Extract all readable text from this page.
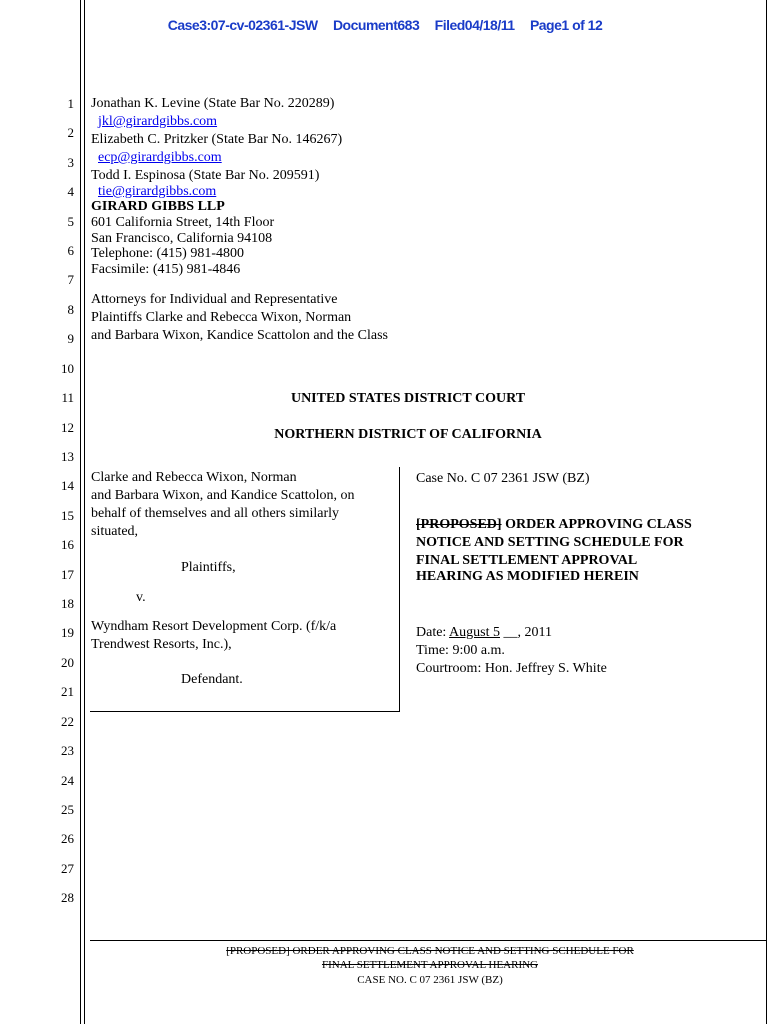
Case3:07-cv-02361-JSW Document683 Filed04/18/11 Page1 of 12
1
2
3
4
5
6
7
8
9
10
11
12
13
14
15
16
17
18
19
20
21
22
23
24
25
26
27
28
Jonathan K. Levine (State Bar No. 220289)
jkl@girardgibbs.com
Elizabeth C. Pritzker (State Bar No. 146267)
ecp@girardgibbs.com
Todd I. Espinosa (State Bar No. 209591)
tie@girardgibbs.com
GIRARD GIBBS LLP
601 California Street, 14th Floor
San Francisco, California 94108
Telephone: (415) 981-4800
Facsimile: (415) 981-4846
Attorneys for Individual and Representative
Plaintiffs Clarke and Rebecca Wixon, Norman
and Barbara Wixon, Kandice Scattolon and the Class
UNITED STATES DISTRICT COURT
NORTHERN DISTRICT OF CALIFORNIA
Clarke and Rebecca Wixon, Norman
and Barbara Wixon, and Kandice Scattolon, on
behalf of themselves and all others similarly
situated,
Plaintiffs,
v.
Wyndham Resort Development Corp. (f/k/a
Trendwest Resorts, Inc.),
Defendant.
Case No. C 07 2361 JSW (BZ)
[PROPOSED] ORDER APPROVING CLASS
NOTICE AND SETTING SCHEDULE FOR
FINAL SETTLEMENT APPROVAL
HEARING AS MODIFIED HEREIN
Date: August 5 __, 2011
Time: 9:00 a.m.
Courtroom: Hon. Jeffrey S. White
[PROPOSED] ORDER APPROVING CLASS NOTICE AND SETTING SCHEDULE FOR
FINAL SETTLEMENT APPROVAL HEARING
CASE NO. C 07 2361 JSW (BZ)
